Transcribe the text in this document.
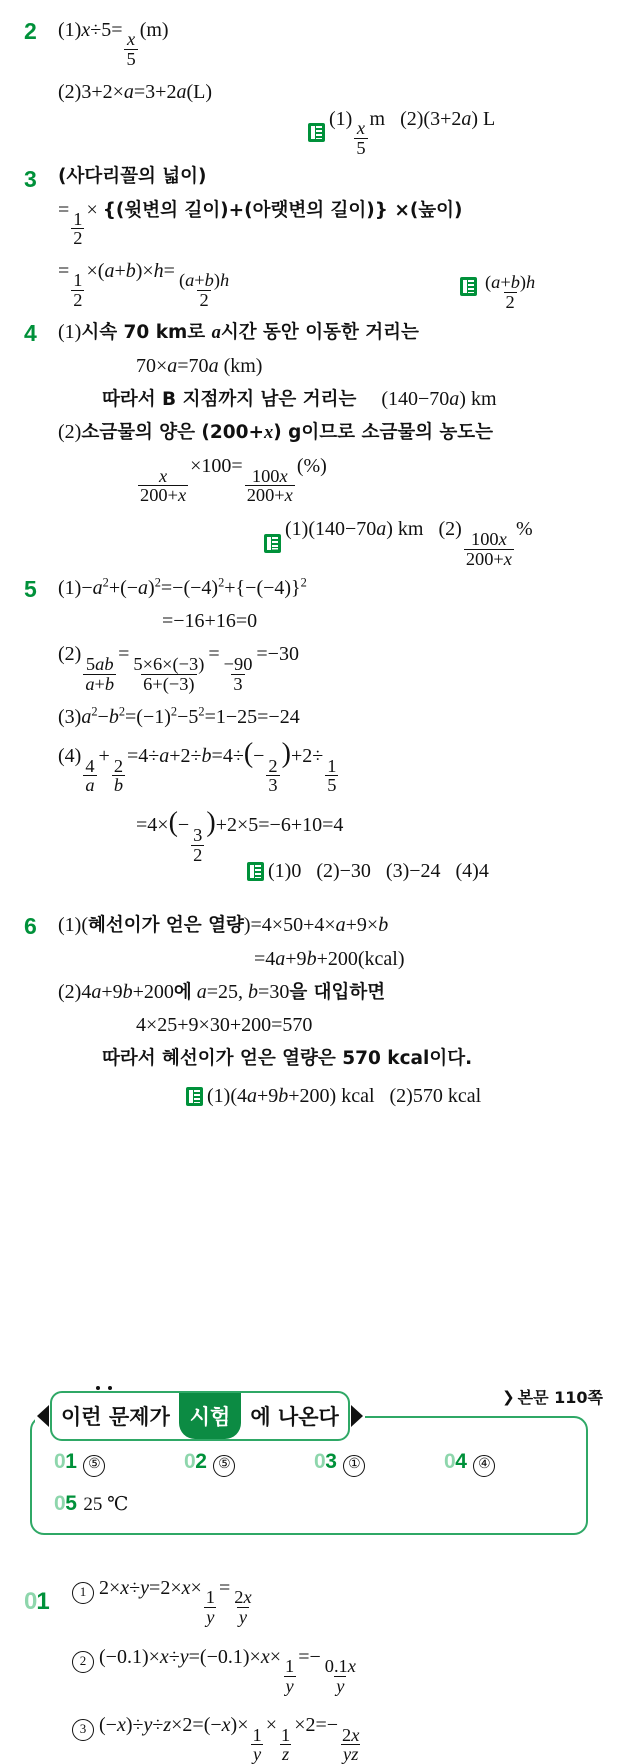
2	(1)x÷5=
$\frac{x}{5}$
(m)
(2)3+2×a=3+2a(L)
(1)
$\frac{x}{5}$
m   (2)(3+2a) L
3	(사다리꼴의 넓이)
=
$\frac{1}{2}$
× {(윗변의 길이)+(아랫변의 길이)} ×(높이)
=
$\frac{1}{2}$
×(a+b)×h=
$\frac{(a+b)h}{2}$	$\frac{(a+b)h}{2}$
4	(1)시속 70 km로 a시간 동안 이동한 거리는
70×a=70a (km)
따라서 B 지점까지 남은 거리는     (140−70a) km
(2)소금물의 양은 (200+x) g이므로 소금물의 농도는
$\frac{x}{200+x}$
×100=
$\frac{100x}{200+x}$
(%)
(1)(140−70a) km   (2)
$\frac{100x}{200+x}$
%
5	$(1)-a^2+(-a)^2=-(-4)^2+\{-(-4)\}^2$
=−16+16=0
(2)
$\frac{5ab}{a+b}$
=
$\frac{5\times 6\times(-3)}{6+(-3)}$
=
$\frac{-90}{3}$
=−30
$(3)a^2-b^2=(-1)^2-5^2=1-25=-24$
(4)
$\frac{4}{a}$
+
$\frac{2}{b}$
=4÷a+2÷b=4÷(−
$\frac{2}{3}$
)+2÷
$\frac{1}{5}$
=4×(−
$\frac{3}{2}$
)+2×5=−6+10=4
(1)0   (2)−30   (3)−24   (4)4
6	(1)(혜선이가 얻은 열량)=4×50+4×a+9×b
=4a+9b+200(kcal)
(2)4a+9b+200에 a=25, b=30을 대입하면
4×25+9×30+200=570
따라서 혜선이가 얻은 열량은 570 kcal이다.
(1)(4a+9b+200) kcal   (2)570 kcal
이런 문제가 시험 에 나온다
❯ 본문 110쪽
01 ⑤	02 ⑤	03 ①	04 ④
05 25 ℃
01	1 2×x÷y=2×x×
$\frac{1}{y}$
=
$\frac{2x}{y}$
2 (−0.1)×x÷y=(−0.1)×x×
$\frac{1}{y}$
=−
$\frac{0.1x}{y}$
3 (−x)÷y÷z×2=(−x)×
$\frac{1}{y}$
×
$\frac{1}{z}$
×2=−
$\frac{2x}{yz}$
